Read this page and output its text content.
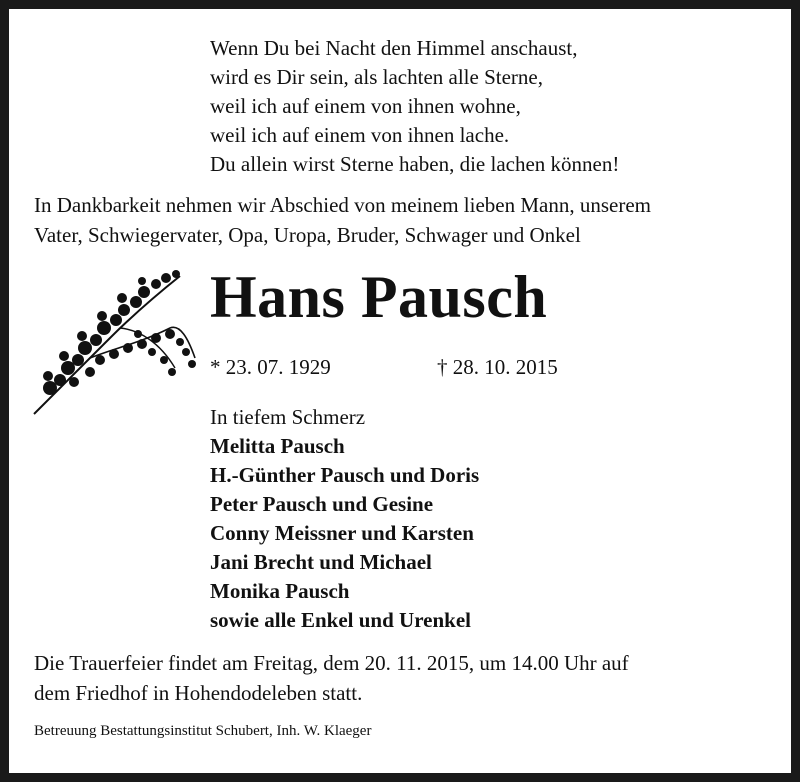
Wenn Du bei Nacht den Himmel anschaust,
wird es Dir sein, als lachten alle Sterne,
weil ich auf einem von ihnen wohne,
weil ich auf einem von ihnen lache.
Du allein wirst Sterne haben, die lachen können!
In Dankbarkeit nehmen wir Abschied von meinem lieben Mann, unserem
Vater, Schwiegervater, Opa, Uropa, Bruder, Schwager und Onkel
Hans Pausch
* 23. 07. 1929	† 28. 10. 2015
In tiefem Schmerz
Melitta Pausch
H.-Günther Pausch und Doris
Peter Pausch und Gesine
Conny Meissner und Karsten
Jani Brecht und Michael
Monika Pausch
sowie alle Enkel und Urenkel
Die Trauerfeier findet am Freitag, dem 20. 11. 2015, um 14.00 Uhr auf
dem Friedhof in Hohendodeleben statt.
Betreuung Bestattungsinstitut Schubert, Inh. W. Klaeger
